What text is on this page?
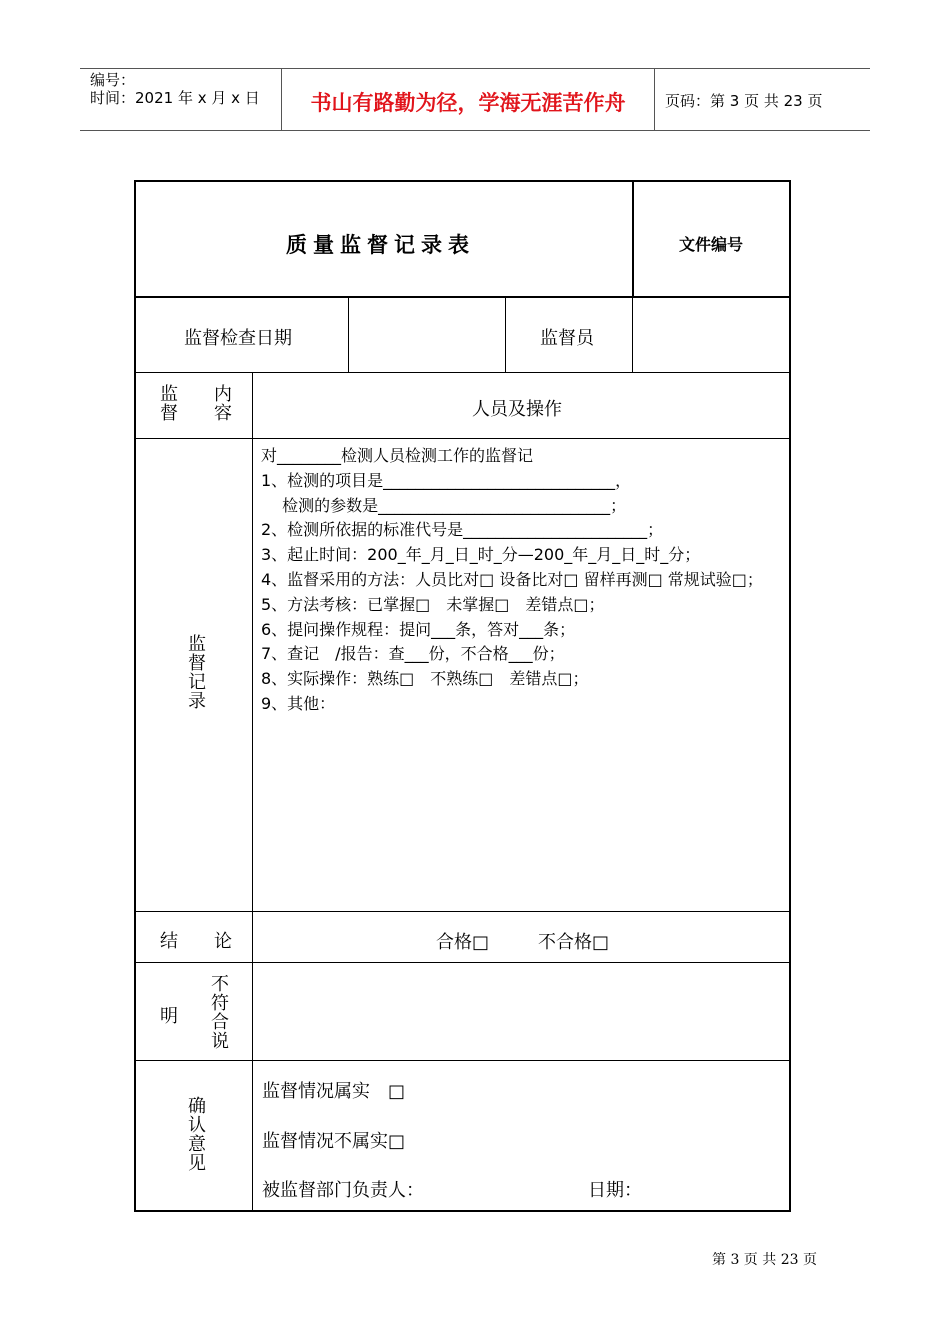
编号：
时间：2021 年 x 月 x 日	书山有路勤为径，学海无涯苦作舟	页码：第 3 页 共 23 页
质量监督记录表	文件编号
监督检查日期	监督员
监　　内
督　　容	人员及操作
监督记录
对________检测人员检测工作的监督记
1、检测的项目是_____________________________，
　 检测的参数是_____________________________；
2、检测所依据的标准代号是_______________________；
3、起止时间：200_年_月_日_时_分—200_年_月_日_时_分；
4、监督采用的方法：人员比对□ 设备比对□ 留样再测□ 常规试验□；
5、方法考核：已掌握□　未掌握□　差错点□；
6、提问操作规程：提问___条，答对___条；
7、查记　/报告：查___份，不合格___份；
8、实际操作：熟练□　不熟练□　差错点□；
9、其他：
结　　论	合格□	不合格□
不符合说
明
确认意见
监督情况属实　□
监督情况不属实□
被监督部门负责人：	日期：
第 3 页 共 23 页
